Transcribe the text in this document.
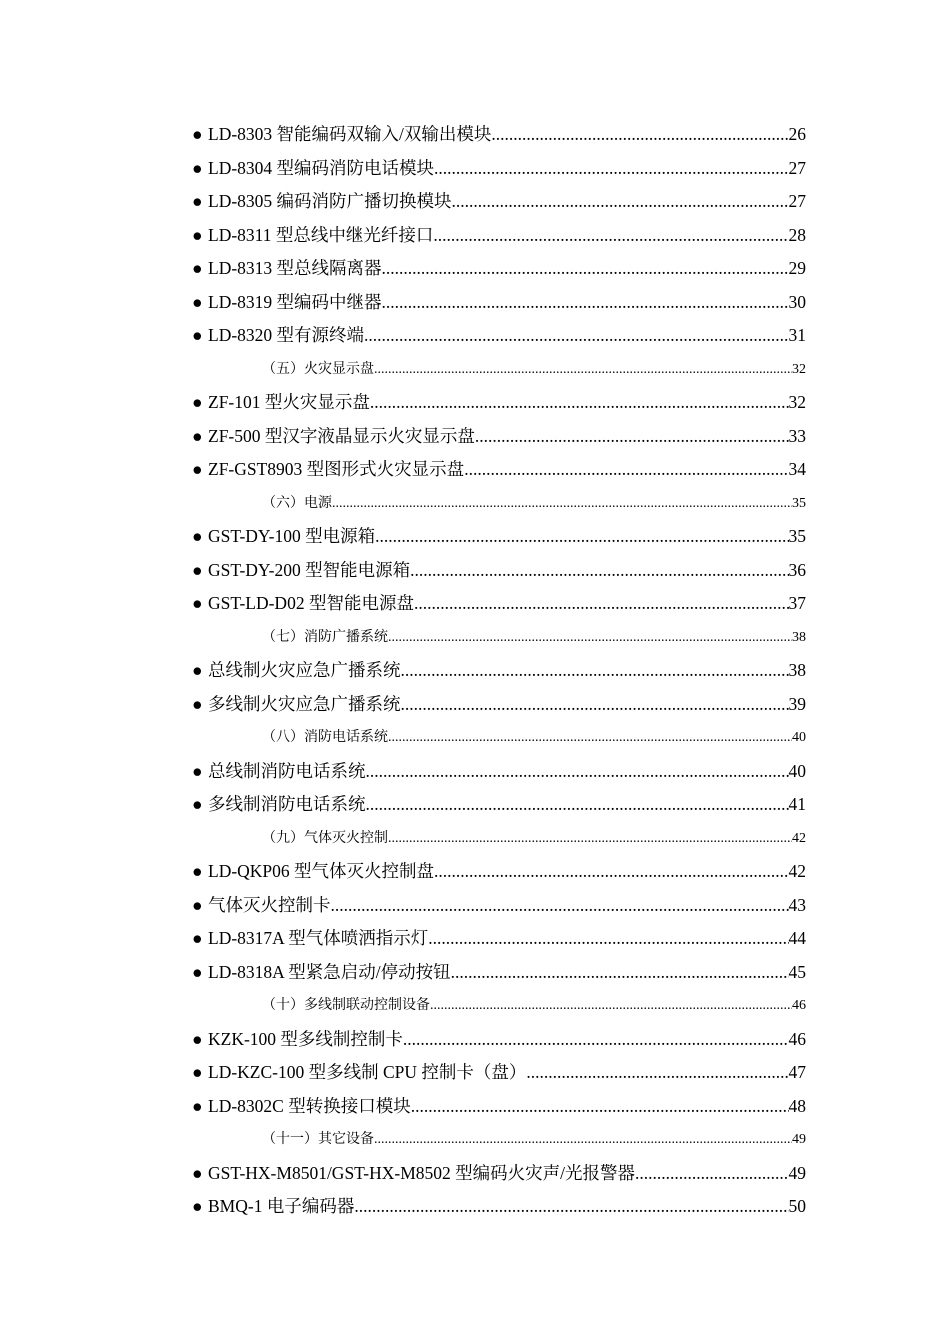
● LD-8303 智能编码双输入/双输出模块 .....	26
● LD-8304 型编码消防电话模块 .....	27
● LD-8305 编码消防广播切换模块 .....	27
● LD-8311 型总线中继光纤接口 .....	28
● LD-8313 型总线隔离器 .....	29
● LD-8319 型编码中继器 .....	30
● LD-8320 型有源终端 .....	31
（五）火灾显示盘 .....	32
● ZF-101 型火灾显示盘 .....	32
● ZF-500 型汉字液晶显示火灾显示盘 .....	33
● ZF-GST8903 型图形式火灾显示盘 .....	34
（六）电源 .....	35
● GST-DY-100 型电源箱 .....	35
● GST-DY-200 型智能电源箱 .....	36
● GST-LD-D02 型智能电源盘 .....	37
（七）消防广播系统 .....	38
● 总线制火灾应急广播系统 .....	38
● 多线制火灾应急广播系统 .....	39
（八）消防电话系统 .....	40
● 总线制消防电话系统 .....	40
● 多线制消防电话系统 .....	41
（九）气体灭火控制 .....	42
● LD-QKP06 型气体灭火控制盘 .....	42
● 气体灭火控制卡 .....	43
● LD-8317A 型气体喷洒指示灯 .....	44
● LD-8318A 型紧急启动/停动按钮 .....	45
（十）多线制联动控制设备 .....	46
● KZK-100 型多线制控制卡 .....	46
● LD-KZC-100 型多线制 CPU 控制卡（盘） .....	47
● LD-8302C 型转换接口模块 .....	48
（十一）其它设备 .....	49
● GST-HX-M8501/GST-HX-M8502 型编码火灾声/光报警器 .....	49
● BMQ-1 电子编码器 .....	50
